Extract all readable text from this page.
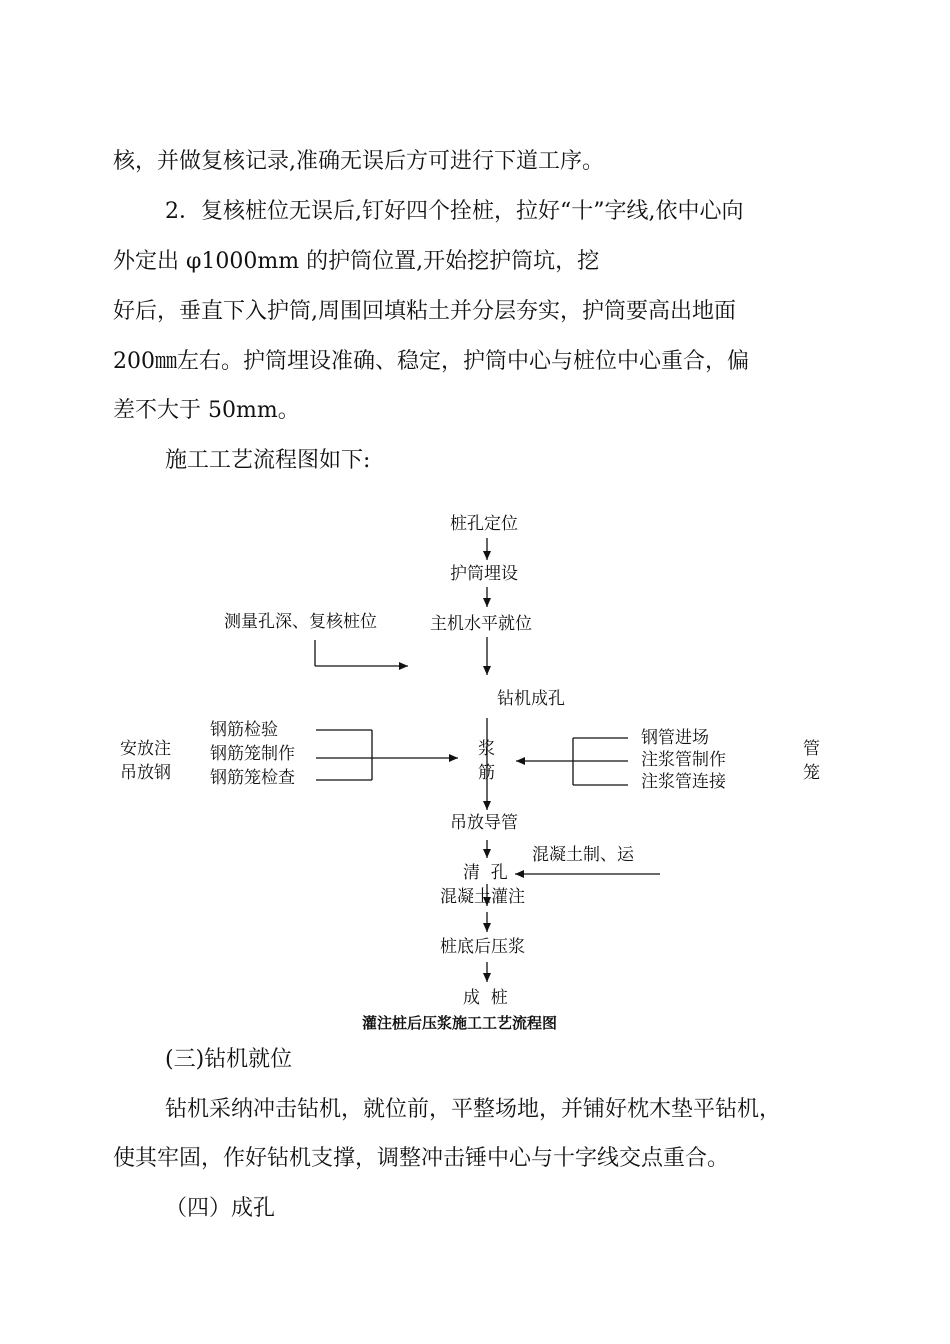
核，并做复核记录,准确无误后方可进行下道工序。
2．复核桩位无误后,钉好四个拴桩，拉好“十”字线,依中心向
外定出 φ1000mm 的护筒位置,开始挖护筒坑，挖
好后，垂直下入护筒,周围回填粘土并分层夯实，护筒要高出地面
200㎜左右。护筒埋设准确、稳定，护筒中心与桩位中心重合，偏
差不大于 50mm。
施工工艺流程图如下:
桩孔定位
护筒埋设
测量孔深、复核桩位	主机水平就位
钻机成孔
钢筋检验
钢筋笼制作
钢筋笼检查
安放注
吊放钢
浆
筋
钢管进场
注浆管制作
注浆管连接
管
笼
吊放导管
混凝土制、运
清  孔
混凝土灌注
桩底后压浆
成  桩
灌注桩后压浆施工工艺流程图
(三)钻机就位
钻机采纳冲击钻机，就位前，平整场地，并铺好枕木垫平钻机，
使其牢固，作好钻机支撑，调整冲击锤中心与十字线交点重合。
（四）成孔
